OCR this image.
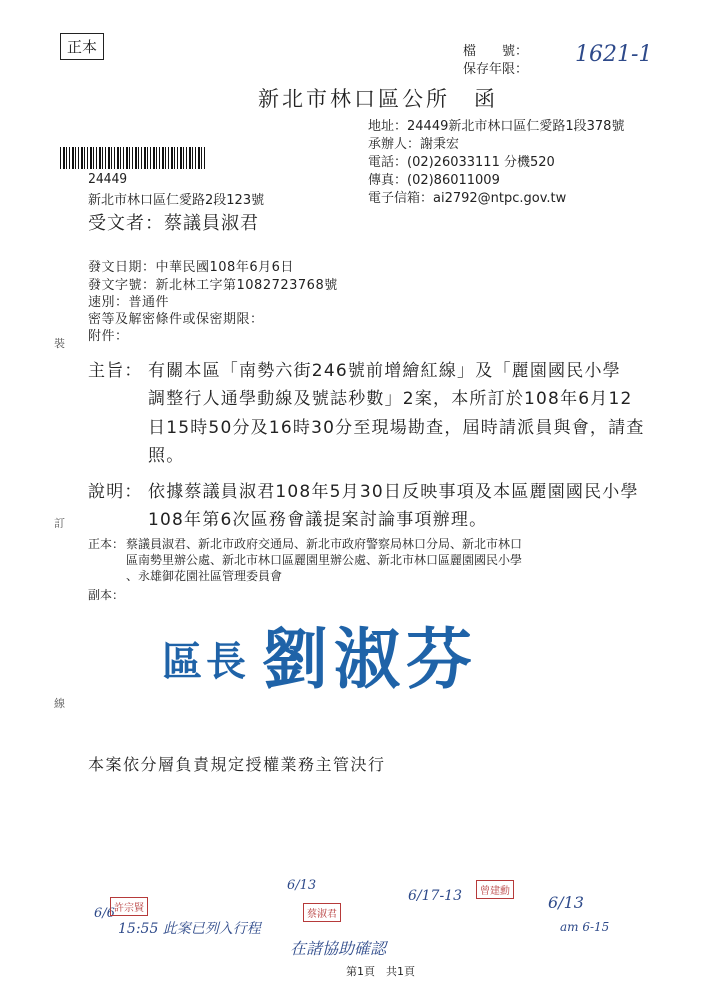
正本	檔　　號：
保存年限：
1621-1
新北市林口區公所　函
地址：24449新北市林口區仁愛路1段378號
承辦人：謝秉宏
電話：(02)26033111 分機520
傳真：(02)86011009
電子信箱：ai2792@ntpc.gov.tw
24449
新北市林口區仁愛路2段123號
受文者：蔡議員淑君
發文日期：中華民國108年6月6日
發文字號：新北林工字第1082723768號
速別：普通件
密等及解密條件或保密期限：
附件：
裝
訂
線
主旨： 有關本區「南勢六街246號前增繪紅線」及「麗園國民小學
調整行人通學動線及號誌秒數」2案，本所訂於108年6月12
日15時50分及16時30分至現場勘查，屆時請派員與會，請查
照。
說明： 依據蔡議員淑君108年5月30日反映事項及本區麗園國民小學
108年第6次區務會議提案討論事項辦理。
正本： 蔡議員淑君、新北市政府交通局、新北市政府警察局林口分局、新北市林口
區南勢里辦公處、新北市林口區麗園里辦公處、新北市林口區麗園國民小學
、永雄御花園社區管理委員會
副本：
區長 劉淑芬
本案依分層負責規定授權業務主管決行
6/6 許宗賢
15:55 此案已列入行程
6/13
蔡淑君
在諸協助確認
6/17-13	曾建勳
6/13
am 6-15
第1頁　共1頁
